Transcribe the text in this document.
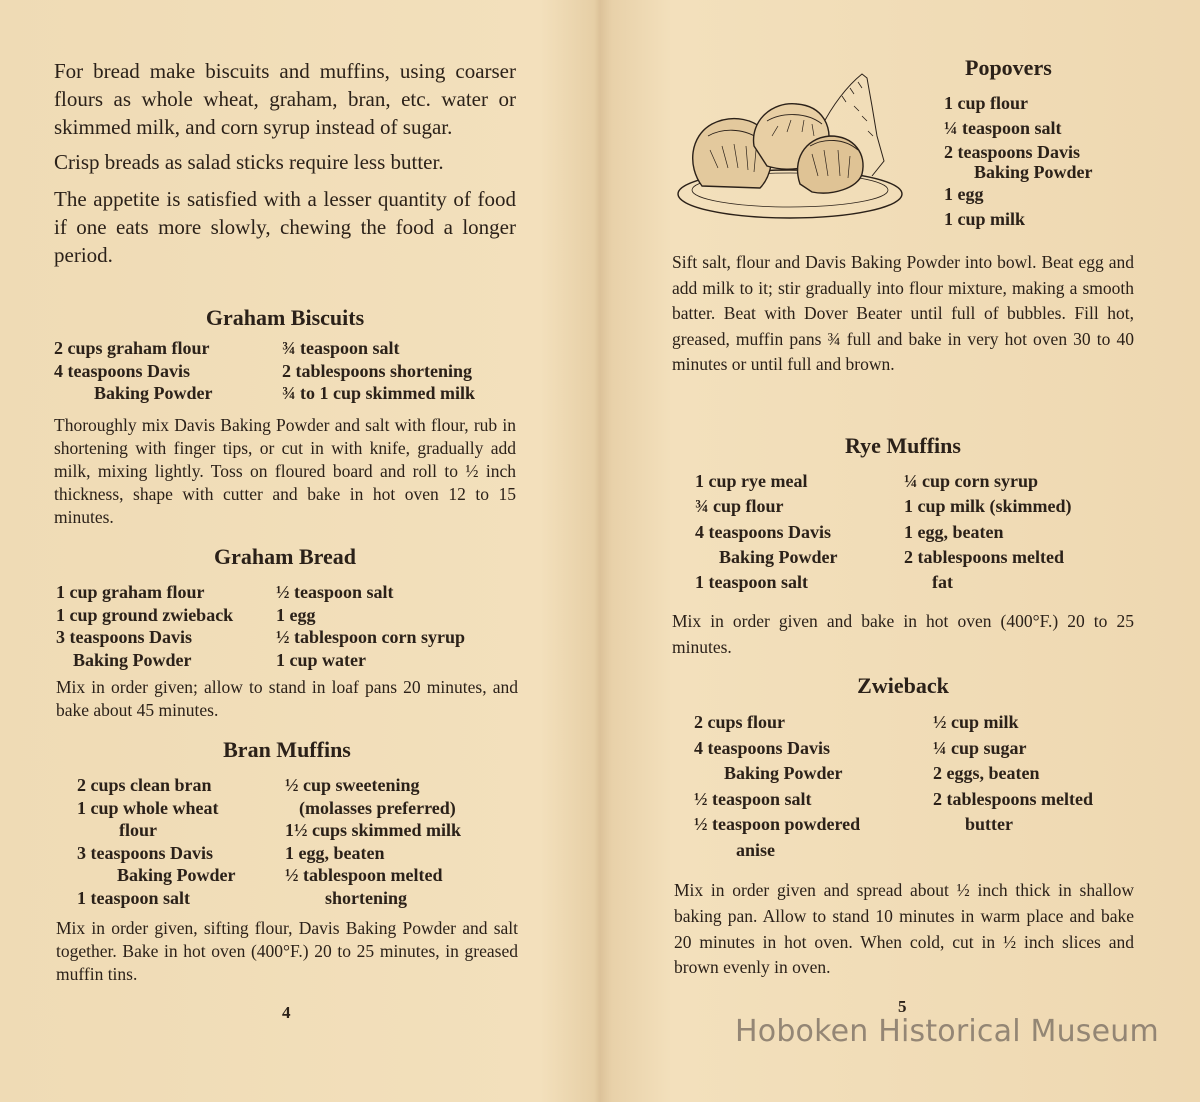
For bread make biscuits and muffins, using coarser flours as whole wheat, graham, bran, etc. water or skimmed milk, and corn syrup instead of sugar.

Crisp breads as salad sticks require less butter.

The appetite is satisfied with a lesser quantity of food if one eats more slowly, chewing the food a longer period.

Graham Biscuits

2 cups graham flour
4 teaspoons Davis
Baking Powder
¾ teaspoon salt
2 tablespoons shortening
¾ to 1 cup skimmed milk

Thoroughly mix Davis Baking Powder and salt with flour, rub in shortening with finger tips, or cut in with knife, gradually add milk, mixing lightly. Toss on floured board and roll to ½ inch thickness, shape with cutter and bake in hot oven 12 to 15 minutes.

Graham Bread

1 cup graham flour
1 cup ground zwieback
3 teaspoons Davis
Baking Powder
½ teaspoon salt
1 egg
½ tablespoon corn syrup
1 cup water

Mix in order given; allow to stand in loaf pans 20 minutes, and bake about 45 minutes.

Bran Muffins

2 cups clean bran
1 cup whole wheat
flour
3 teaspoons Davis
Baking Powder
1 teaspoon salt
½ cup sweetening
(molasses preferred)
1½ cups skimmed milk
1 egg, beaten
½ tablespoon melted
shortening

Mix in order given, sifting flour, Davis Baking Powder and salt together. Bake in hot oven (400°F.) 20 to 25 minutes, in greased muffin tins.

4

Popovers

1 cup flour
¼ teaspoon salt
2 teaspoons Davis
Baking Powder
1 egg
1 cup milk

Sift salt, flour and Davis Baking Powder into bowl. Beat egg and add milk to it; stir gradually into flour mixture, making a smooth batter. Beat with Dover Beater until full of bubbles. Fill hot, greased, muffin pans ¾ full and bake in very hot oven 30 to 40 minutes or until full and brown.

Rye Muffins

1 cup rye meal
¾ cup flour
4 teaspoons Davis
Baking Powder
1 teaspoon salt
¼ cup corn syrup
1 cup milk (skimmed)
1 egg, beaten
2 tablespoons melted
fat

Mix in order given and bake in hot oven (400°F.) 20 to 25 minutes.

Zwieback

2 cups flour
4 teaspoons Davis
Baking Powder
½ teaspoon salt
½ teaspoon powdered
anise
½ cup milk
¼ cup sugar
2 eggs, beaten
2 tablespoons melted
butter

Mix in order given and spread about ½ inch thick in shallow baking pan. Allow to stand 10 minutes in warm place and bake 20 minutes in hot oven. When cold, cut in ½ inch slices and brown evenly in oven.

5
Hoboken Historical Museum
